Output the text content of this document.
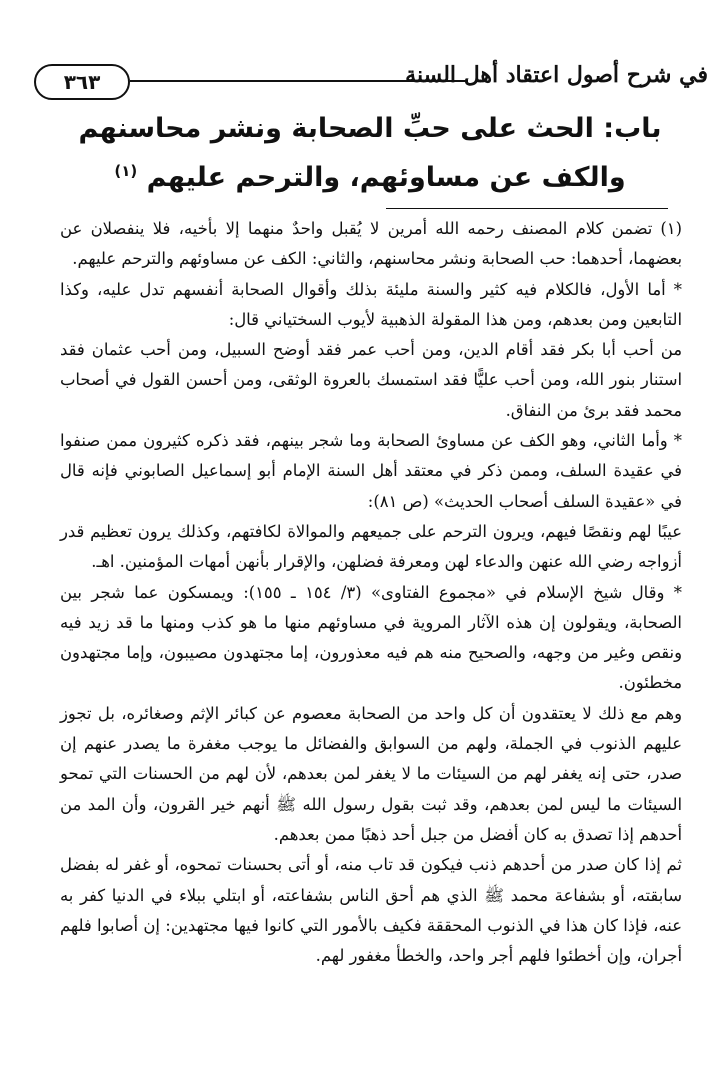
٣٦٣	في شرح أصول اعتقاد أهل السنة
باب: الحث على حبِّ الصحابة ونشر محاسنهم
والكف عن مساوئهم، والترحم عليهم $^{(١)}$

(١)تضمن كلام المصنف رحمه الله أمرين لا يُقبل واحدٌ منهما إلا بأخيه، فلا ينفصلان عن بعضهما، أحدهما: حب الصحابة ونشر محاسنهم، والثاني: الكف عن مساوئهم والترحم عليهم.

* أما الأول، فالكلام فيه كثير والسنة مليئة بذلك وأقوال الصحابة أنفسهم تدل عليه، وكذا التابعين ومن بعدهم، ومن هذا المقولة الذهبية لأيوب السختياني قال:

من أحب أبا بكر فقد أقام الدين، ومن أحب عمر فقد أوضح السبيل، ومن أحب عثمان فقد استنار بنور الله، ومن أحب عليًّا فقد استمسك بالعروة الوثقى، ومن أحسن القول في أصحاب محمد فقد برئ من النفاق.

* وأما الثاني، وهو الكف عن مساوئ الصحابة وما شجر بينهم، فقد ذكره كثيرون ممن صنفوا في عقيدة السلف، وممن ذكر في معتقد أهل السنة الإمام أبو إسماعيل الصابوني فإنه قال في «عقيدة السلف أصحاب الحديث» (ص ٨١):

عيبًا لهم ونقصًا فيهم، ويرون الترحم على جميعهم والموالاة لكافتهم، وكذلك يرون تعظيم قدر أزواجه رضي الله عنهن والدعاء لهن ومعرفة فضلهن، والإقرار بأنهن أمهات المؤمنين. اهـ.

* وقال شيخ الإسلام في «مجموع الفتاوى» (٣/ ١٥٤ ـ ١٥٥): ويمسكون عما شجر بين الصحابة، ويقولون إن هذه الآثار المروية في مساوئهم منها ما هو كذب ومنها ما قد زيد فيه ونقص وغير من وجهه، والصحيح منه هم فيه معذورون، إما مجتهدون مصيبون، وإما مجتهدون مخطئون.

وهم مع ذلك لا يعتقدون أن كل واحد من الصحابة معصوم عن كبائر الإثم وصغائره، بل تجوز عليهم الذنوب في الجملة، ولهم من السوابق والفضائل ما يوجب مغفرة ما يصدر عنهم إن صدر، حتى إنه يغفر لهم من السيئات ما لا يغفر لمن بعدهم، لأن لهم من الحسنات التي تمحو السيئات ما ليس لمن بعدهم، وقد ثبت بقول رسول الله ﷺ أنهم خير القرون، وأن المد من أحدهم إذا تصدق به كان أفضل من جبل أحد ذهبًا ممن بعدهم.

ثم إذا كان صدر من أحدهم ذنب فيكون قد تاب منه، أو أتى بحسنات تمحوه، أو غفر له بفضل سابقته، أو بشفاعة محمد ﷺ الذي هم أحق الناس بشفاعته، أو ابتلي ببلاء في الدنيا كفر به عنه، فإذا كان هذا في الذنوب المحققة فكيف بالأمور التي كانوا فيها مجتهدين: إن أصابوا فلهم أجران، وإن أخطئوا فلهم أجر واحد، والخطأ مغفور لهم.
